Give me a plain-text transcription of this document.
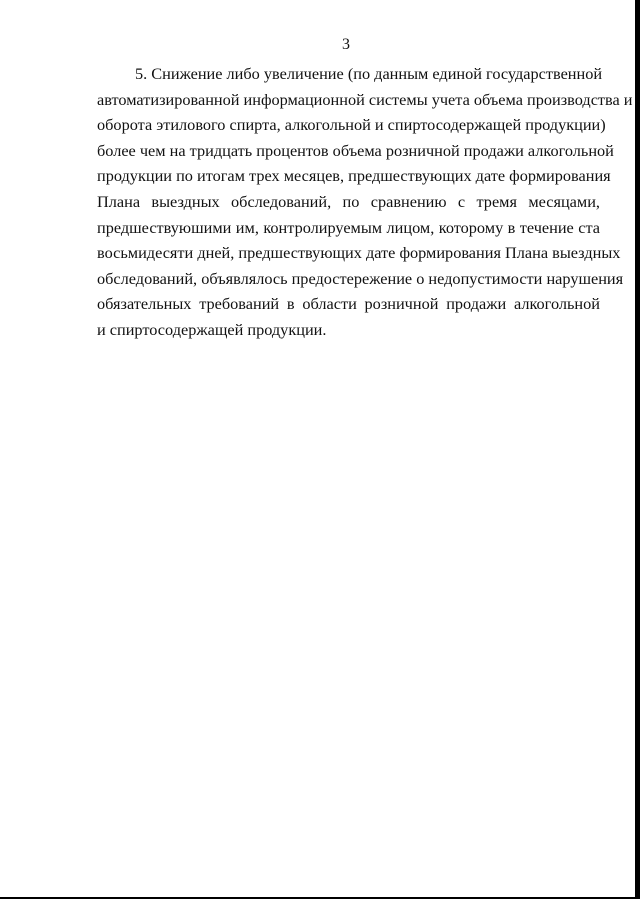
3
5. Снижение либо увеличение (по данным единой государственной
автоматизированной информационной системы учета объема производства и
оборота этилового спирта, алкогольной и спиртосодержащей продукции)
более чем на тридцать процентов объема розничной продажи алкогольной
продукции по итогам трех месяцев, предшествующих дате формирования
Плана выездных обследований, по сравнению с тремя месяцами,
предшествуюшими им, контролируемым лицом, которому в течение ста
восьмидесяти дней, предшествующих дате формирования Плана выездных
обследований, объявлялось предостережение о недопустимости нарушения
обязательных требований в области розничной продажи алкогольной
и спиртосодержащей продукции.
